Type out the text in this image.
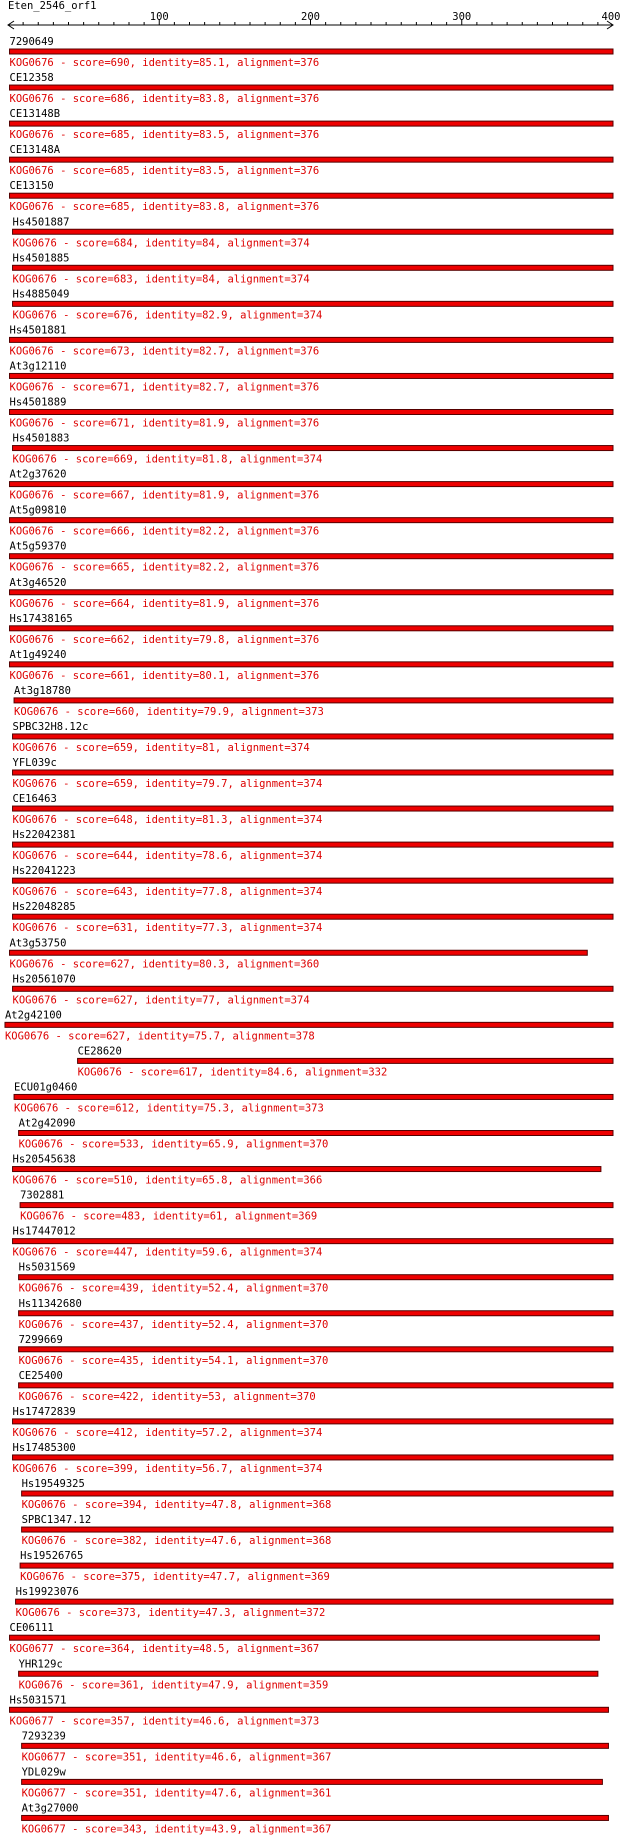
Eten_2546_orf1
100	200	300	400
7290649
KOG0676 - score=690, identity=85.1, alignment=376
CE12358
KOG0676 - score=686, identity=83.8, alignment=376
CE13148B
KOG0676 - score=685, identity=83.5, alignment=376
CE13148A
KOG0676 - score=685, identity=83.5, alignment=376
CE13150
KOG0676 - score=685, identity=83.8, alignment=376
Hs4501887
KOG0676 - score=684, identity=84, alignment=374
Hs4501885
KOG0676 - score=683, identity=84, alignment=374
Hs4885049
KOG0676 - score=676, identity=82.9, alignment=374
Hs4501881
KOG0676 - score=673, identity=82.7, alignment=376
At3g12110
KOG0676 - score=671, identity=82.7, alignment=376
Hs4501889
KOG0676 - score=671, identity=81.9, alignment=376
Hs4501883
KOG0676 - score=669, identity=81.8, alignment=374
At2g37620
KOG0676 - score=667, identity=81.9, alignment=376
At5g09810
KOG0676 - score=666, identity=82.2, alignment=376
At5g59370
KOG0676 - score=665, identity=82.2, alignment=376
At3g46520
KOG0676 - score=664, identity=81.9, alignment=376
Hs17438165
KOG0676 - score=662, identity=79.8, alignment=376
At1g49240
KOG0676 - score=661, identity=80.1, alignment=376
At3g18780
KOG0676 - score=660, identity=79.9, alignment=373
SPBC32H8.12c
KOG0676 - score=659, identity=81, alignment=374
YFL039c
KOG0676 - score=659, identity=79.7, alignment=374
CE16463
KOG0676 - score=648, identity=81.3, alignment=374
Hs22042381
KOG0676 - score=644, identity=78.6, alignment=374
Hs22041223
KOG0676 - score=643, identity=77.8, alignment=374
Hs22048285
KOG0676 - score=631, identity=77.3, alignment=374
At3g53750
KOG0676 - score=627, identity=80.3, alignment=360
Hs20561070
KOG0676 - score=627, identity=77, alignment=374
At2g42100
KOG0676 - score=627, identity=75.7, alignment=378
CE28620
KOG0676 - score=617, identity=84.6, alignment=332
ECU01g0460
KOG0676 - score=612, identity=75.3, alignment=373
At2g42090
KOG0676 - score=533, identity=65.9, alignment=370
Hs20545638
KOG0676 - score=510, identity=65.8, alignment=366
7302881
KOG0676 - score=483, identity=61, alignment=369
Hs17447012
KOG0676 - score=447, identity=59.6, alignment=374
Hs5031569
KOG0676 - score=439, identity=52.4, alignment=370
Hs11342680
KOG0676 - score=437, identity=52.4, alignment=370
7299669
KOG0676 - score=435, identity=54.1, alignment=370
CE25400
KOG0676 - score=422, identity=53, alignment=370
Hs17472839
KOG0676 - score=412, identity=57.2, alignment=374
Hs17485300
KOG0676 - score=399, identity=56.7, alignment=374
Hs19549325
KOG0676 - score=394, identity=47.8, alignment=368
SPBC1347.12
KOG0676 - score=382, identity=47.6, alignment=368
Hs19526765
KOG0676 - score=375, identity=47.7, alignment=369
Hs19923076
KOG0676 - score=373, identity=47.3, alignment=372
CE06111
KOG0677 - score=364, identity=48.5, alignment=367
YHR129c
KOG0676 - score=361, identity=47.9, alignment=359
Hs5031571
KOG0677 - score=357, identity=46.6, alignment=373
7293239
KOG0677 - score=351, identity=46.6, alignment=367
YDL029w
KOG0677 - score=351, identity=47.6, alignment=361
At3g27000
KOG0677 - score=343, identity=43.9, alignment=367
